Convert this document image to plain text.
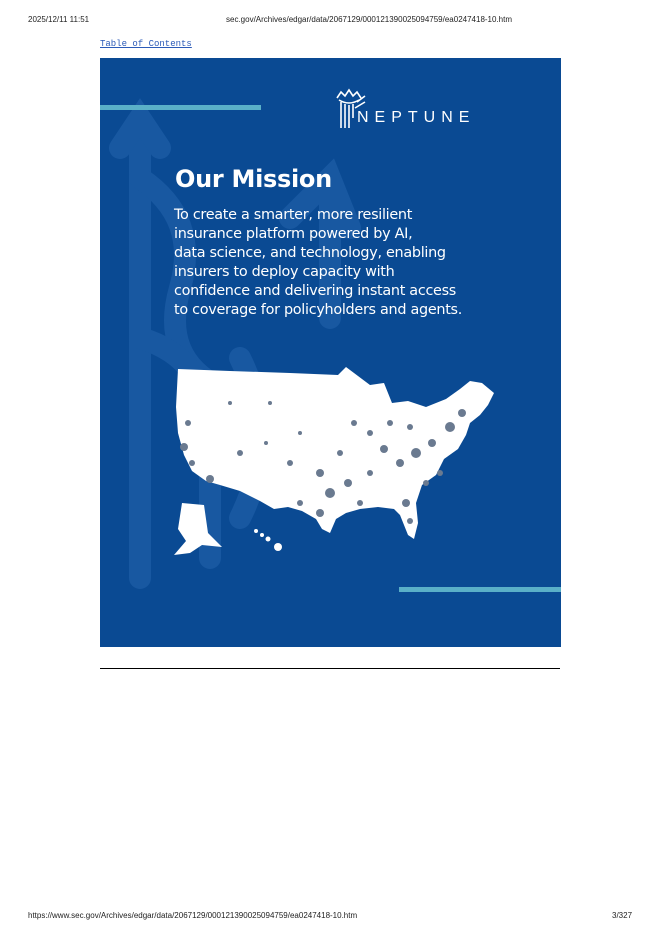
2025/12/11 11:51	sec.gov/Archives/edgar/data/2067129/000121390025094759/ea0247418-10.htm
Table of Contents
NEPTUNE
Our Mission
To create a smarter, more resilient
insurance platform powered by AI,
data science, and technology, enabling
insurers to deploy capacity with
confidence and delivering instant access
to coverage for policyholders and agents.
https://www.sec.gov/Archives/edgar/data/2067129/000121390025094759/ea0247418-10.htm	3/327
